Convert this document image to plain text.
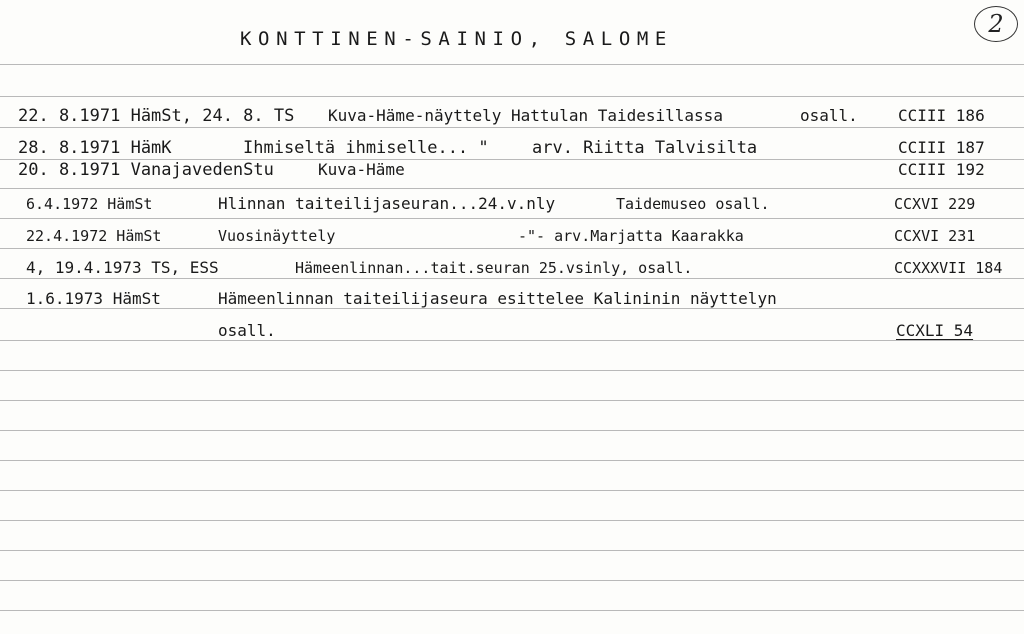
KONTTINEN-SAINIO, SALOME
2
22. 8.1971 HämSt, 24. 8. TS Kuva-Häme-näyttely Hattulan Taidesillassa	osall.	CCIII 186
28. 8.1971 HämK	Ihmiseltä ihmiselle... "	arv. Riitta Talvisilta	CCIII 187
20. 8.1971 VanajavedenStu	Kuva-Häme	CCIII 192
6.4.1972 HämSt	Hlinnan taiteilijaseuran...24.v.nly	Taidemuseo osall.	CCXVI 229
22.4.1972 HämSt	Vuosinäyttely	-"- arv.Marjatta Kaarakka	CCXVI 231
4, 19.4.1973 TS, ESS	Hämeenlinnan...tait.seuran 25.vsinly, osall.	CCXXXVII 184
1.6.1973 HämSt	Hämeenlinnan taiteilijaseura esittelee Kalininin näyttelyn
osall.	CCXLI 54
